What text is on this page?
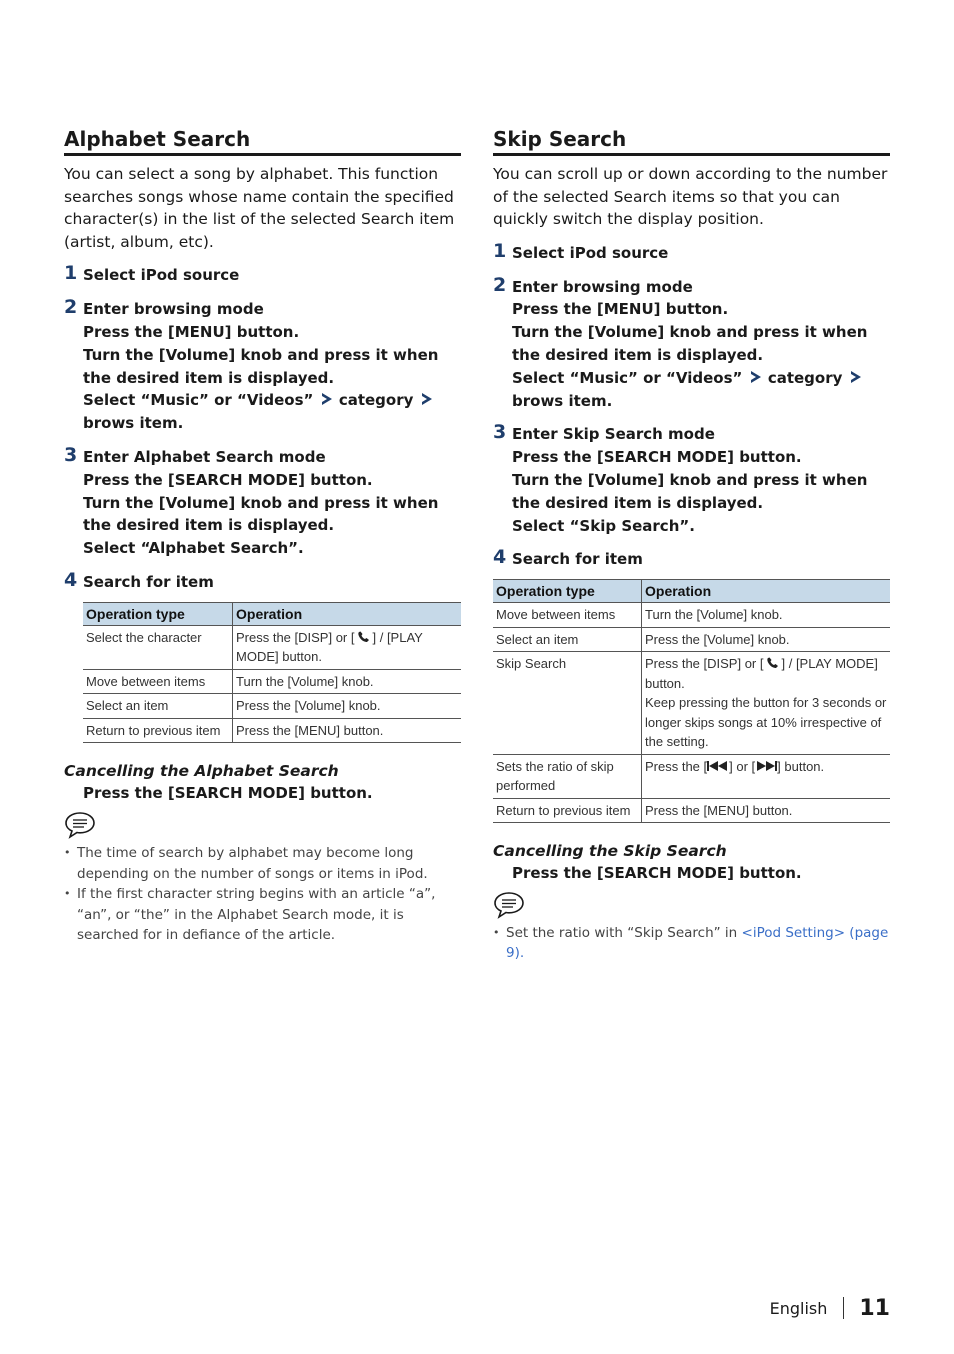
Alphabet Search

You can select a song by alphabet. This function searches songs whose name contain the specified character(s) in the list of the selected Search item (artist, album, etc).

1 Select iPod source
2 Enter browsing mode
Press the [MENU] button.
Turn the [Volume] knob and press it when the desired item is displayed.
Select “Music” or “Videos” category  brows item.
3 Enter Alphabet Search mode
Press the [SEARCH MODE] button.
Turn the [Volume] knob and press it when the desired item is displayed.
Select “Alphabet Search”.
4 Search for item
Operation type	Operation
Select the character	Press the [DISP] or [ ] / [PLAY MODE] button.
Move between items	Turn the [Volume] knob.
Select an item	Press the [Volume] knob.
Return to previous item	Press the [MENU] button.
Cancelling the Alphabet Search
Press the [SEARCH MODE] button.
• The time of search by alphabet may become long depending on the number of songs or items in iPod.
• If the first character string begins with an article “a”, “an”, or “the” in the Alphabet Search mode, it is searched for in defiance of the article.
Skip Search

You can scroll up or down according to the number of the selected Search items so that you can quickly switch the display position.

1 Select iPod source
2 Enter browsing mode
Press the [MENU] button.
Turn the [Volume] knob and press it when the desired item is displayed.
Select “Music” or “Videos” category  brows item.
3 Enter Skip Search mode
Press the [SEARCH MODE] button.
Turn the [Volume] knob and press it when the desired item is displayed.
Select “Skip Search”.
4 Search for item
Operation type	Operation
Move between items	Turn the [Volume] knob.
Select an item	Press the [Volume] knob.
Skip Search	Press the [DISP] or [ ] / [PLAY MODE] button.
Keep pressing the button for 3 seconds or longer skips songs at 10% irrespective of the setting.
Sets the ratio of skip performed	Press the [ ] or [ ] button.
Return to previous item	Press the [MENU] button.
Cancelling the Skip Search
Press the [SEARCH MODE] button.
• Set the ratio with “Skip Search” in <iPod Setting> (page 9).
English 11
